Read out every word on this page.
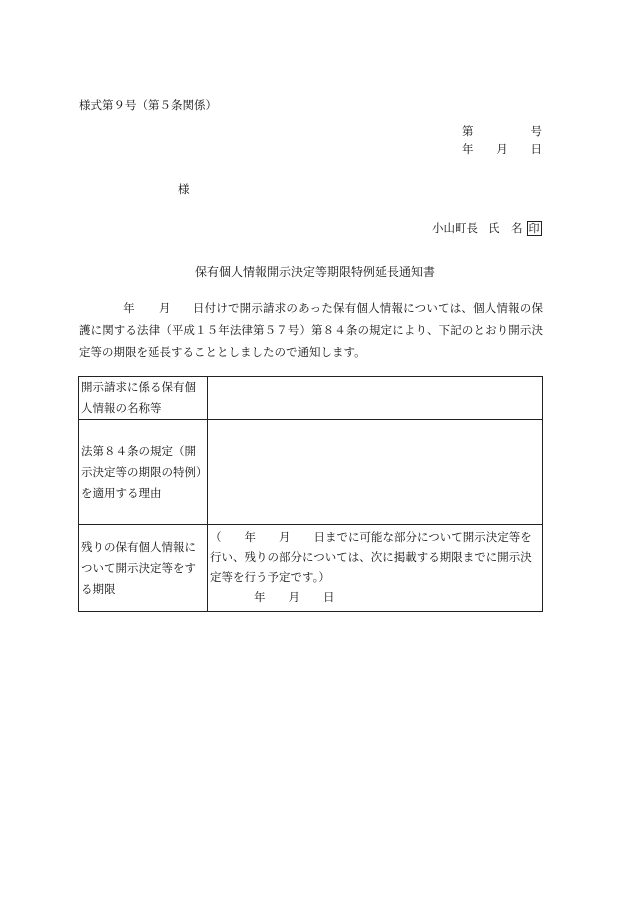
様式第９号（第５条関係）
第	号
年 月 日
様
小山町長 氏　名 印
保有個人情報開示決定等期限特例延長通知書
年 月 日付けで開示請求のあった保有個人情報については、個人情報の保護に関する法律（平成１５年法律第５７号）第８４条の規定により、下記のとおり開示決定等の期限を延長することとしましたので通知します。
開示請求に係る保有個人情報の名称等	

法第８４条の規定（開示決定等の期限の特例）を適用する理由	

残りの保有個人情報について開示決定等をする期限	（　　年　　月　　日までに可能な部分について開示決定等を行い、残りの部分については、次に掲載する期限までに開示決定等を行う予定です。）
年　　月　　日
